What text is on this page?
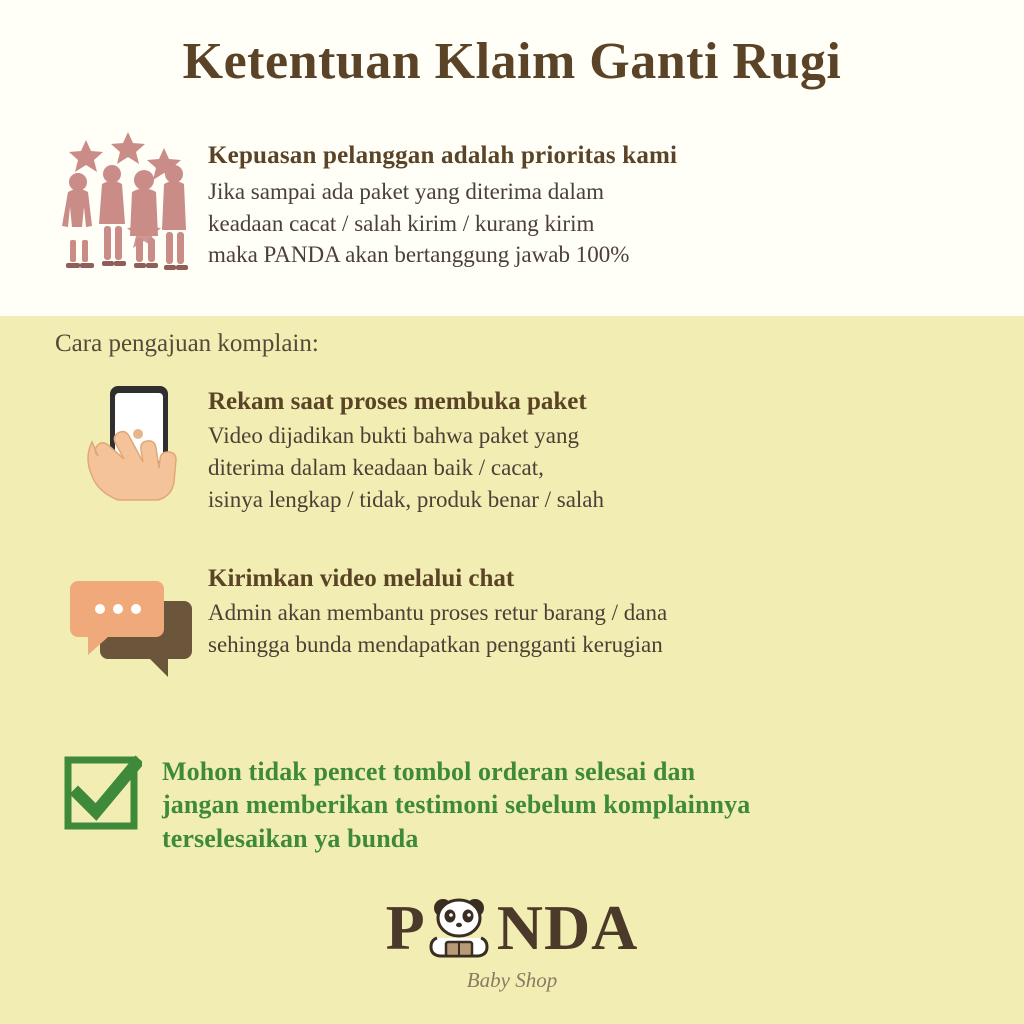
Ketentuan Klaim Ganti Rugi
Kepuasan pelanggan adalah prioritas kami
Jika sampai ada paket yang diterima dalam
keadaan cacat / salah kirim / kurang kirim
maka PANDA akan bertanggung jawab 100%
Cara pengajuan komplain:
Rekam saat proses membuka paket
Video dijadikan bukti bahwa paket yang
diterima dalam keadaan baik / cacat,
isinya lengkap / tidak, produk benar / salah
Kirimkan video melalui chat
Admin akan membantu proses retur barang / dana
sehingga bunda mendapatkan pengganti kerugian
Mohon tidak pencet tombol orderan selesai dan
jangan memberikan testimoni sebelum komplainnya
terselesaikan ya bunda
P NDA
Baby Shop
